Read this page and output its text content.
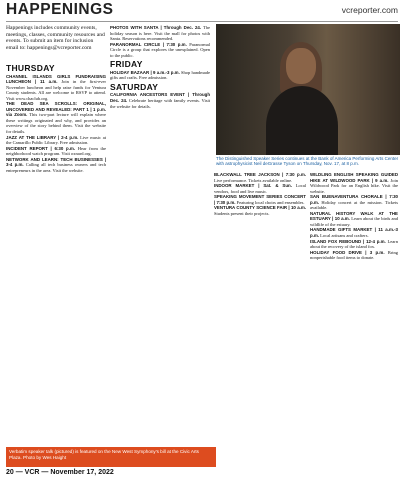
HAPPENINGS	vcreporter.com
Happenings includes community events, meetings, classes, community resources and events. To submit an item for inclusion email to: happenings@vcreporter.com
THURSDAY
CHANNEL ISLANDS GIRLS FUNDRAISING LUNCHEON | 11 a.m. Join in the first-ever November luncheon and help raise funds for Ventura County students. All are welcome to RSVP to attend. Visit www.chaclub.org.
THE DEAD SEA SCROLLS: ORIGINAL, UNCOVERED AND REVEALED: PART 1 | 1 p.m. via Zoom. This two-part lecture will explain where these writings originated and why, and provides an overview of the story behind them. Visit the website for details.
JAZZ AT THE LIBRARY | 2-4 p.m. Live music at the Camarillo Public Library. Free admission.
INCIDENT REPORT | 6:30 p.m. Hear from the neighborhood watch program. Visit oxnard.org.
NETWORK AND LEARN: TECH BUSINESSES | 3-4 p.m. Calling all tech business owners and tech entrepreneurs in the area. Visit the website.
PHOTOS WITH SANTA | Through Dec. 24. The holiday season is here. Visit the mall for photos with Santa. Reservations recommended.
PARANORMAL CIRCLE | 7:30 p.m. Paranormal Circle is a group that explores the unexplained. Open to the public.
FRIDAY
HOLIDAY BAZAAR | 9 a.m.-3 p.m. Shop handmade gifts and crafts. Free admission.
SATURDAY
CALIFORNIA ANCESTORS EVENT | Through Dec. 24. Celebrate heritage with family events. Visit the website for details.
BLACKWALL TREE JACKSON | 7:30 p.m. Live performance. Tickets available online.
INDOOR MARKET | Sat. & Sun. Local vendors, food and live music.
SPEAKING MOVEMENT SERIES CONCERT | 7:30 p.m. Featuring local choirs and ensembles.
VENTURA COUNTY SCIENCE FAIR | 10 a.m. Students present their projects.
The Distinguished Speaker Series continues at the Bank of America Performing Arts Center with astrophysicist Neil deGrasse Tyson on Thursday, Nov. 17, at 8 p.m.
WILDLING ENGLISH SPEAKING GUIDED HIKE AT WILDWOOD PARK | 9 a.m. Join Wildwood Park for an English hike. Visit the website.
SAN BUENAVENTURA CHORALE | 7:30 p.m. Holiday concert at the mission. Tickets available.
NATURAL HISTORY WALK AT THE ESTUARY | 10 a.m. Learn about the birds and wildlife of the estuary.
HANDMADE GIFTS MARKET | 11 a.m.-3 p.m. Local artisans and crafters.
ISLAND FOX REBOUND | 12-4 p.m. Learn about the recovery of the island fox.
HOLIDAY FOOD DRIVE | 3 p.m. Bring nonperishable food items to donate.
Verbatim speaker talk (pictured) is featured on the New West Symphony's bill at the Civic Arts Plaza. Photo by Wes Haight
20 — VCR — November 17, 2022
